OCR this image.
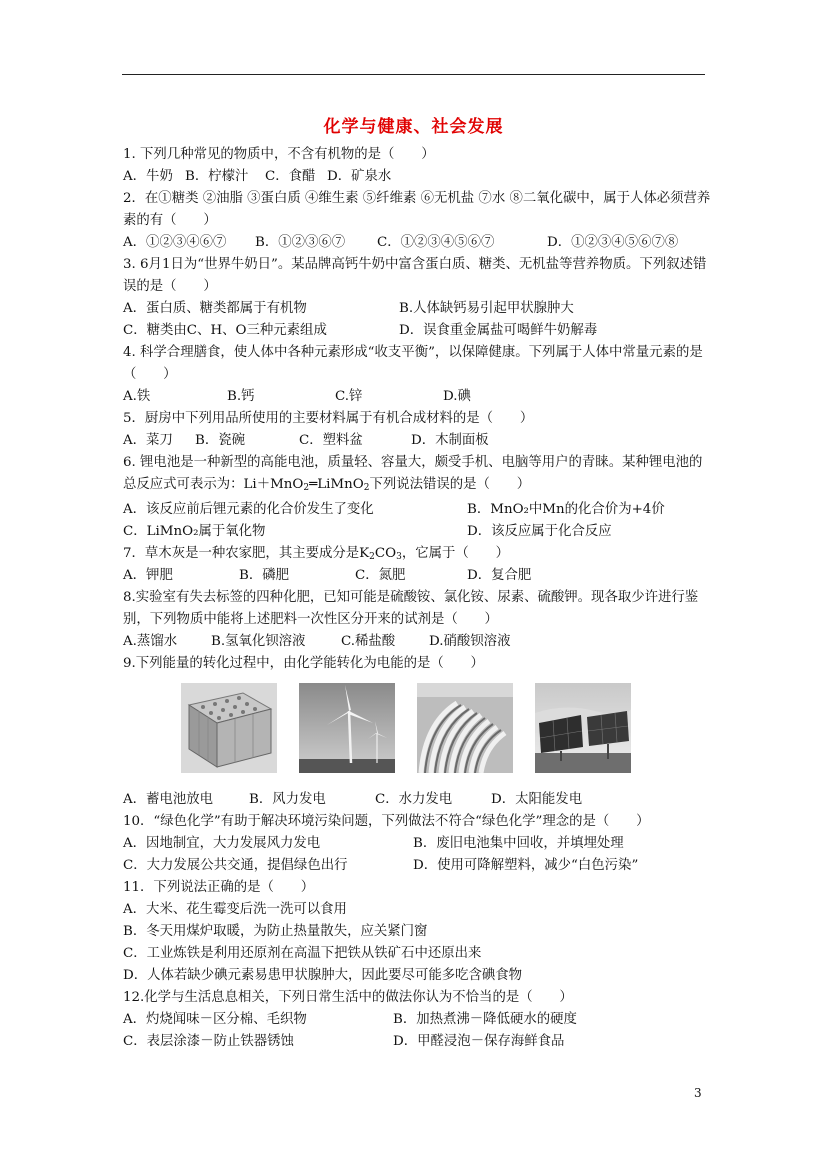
化学与健康、社会发展
1. 下列几种常见的物质中，不含有机物的是（　　）
A．牛奶 B．柠檬汁	C．食醋 D．矿泉水
2．在①糖类 ②油脂 ③蛋白质 ④维生素 ⑤纤维素 ⑥无机盐 ⑦水 ⑧二氧化碳中，属于人体必须营养素的有（　　）
A．①②③④⑥⑦	B．①②③⑥⑦	C．①②③④⑤⑥⑦	D．①②③④⑤⑥⑦⑧
3. 6月1日为“世界牛奶日”。某品牌高钙牛奶中富含蛋白质、糖类、无机盐等营养物质。下列叙述错误的是（　　）
A．蛋白质、糖类都属于有机物	B.人体缺钙易引起甲状腺肿大
C．糖类由C、H、O三种元素组成	D．误食重金属盐可喝鲜牛奶解毒
4. 科学合理膳食，使人体中各种元素形成“收支平衡”，以保障健康。下列属于人体中常量元素的是（　　）
A.铁	B.钙	C.锌	D.碘
5．厨房中下列用品所使用的主要材料属于有机合成材料的是（　　）
A．菜刀	B．瓷碗	C．塑料盆	D．木制面板
6. 锂电池是一种新型的高能电池，质量轻、容量大，颇受手机、电脑等用户的青睐。某种锂电池的总反应式可表示为：Li＋MnO$_2$═LiMnO$_2$下列说法错误的是（　　）
A．该反应前后锂元素的化合价发生了变化	B．MnO₂中Mn的化合价为+4价
C．LiMnO₂属于氧化物	D．该反应属于化合反应
7．草木灰是一种农家肥，其主要成分是$K_2CO_3$，它属于（　　）
A．钾肥	B．磷肥	C．氮肥	D．复合肥
8.实验室有失去标签的四种化肥，已知可能是硫酸铵、氯化铵、尿素、硫酸钾。现各取少许进行鉴别，下列物质中能将上述肥料一次性区分开来的试剂是（　　）
A.蒸馏水	B.氢氧化钡溶液	C.稀盐酸	D.硝酸钡溶液
9.下列能量的转化过程中，由化学能转化为电能的是（　　）
A．蓄电池放电	B．风力发电	C．水力发电	D．太阳能发电
10．“绿色化学”有助于解决环境污染问题，下列做法不符合“绿色化学”理念的是（　　）
A．因地制宜，大力发展风力发电	B．废旧电池集中回收，并填埋处理
C．大力发展公共交通，提倡绿色出行	D．使用可降解塑料，减少“白色污染”
11．下列说法正确的是（　　）
A．大米、花生霉变后洗一洗可以食用
B．冬天用煤炉取暖，为防止热量散失，应关紧门窗
C．工业炼铁是利用还原剂在高温下把铁从铁矿石中还原出来
D．人体若缺少碘元素易患甲状腺肿大，因此要尽可能多吃含碘食物
12.化学与生活息息相关，下列日常生活中的做法你认为不恰当的是（　　）
A．灼烧闻味－区分棉、毛织物	B．加热煮沸－降低硬水的硬度
C．表层涂漆－防止铁器锈蚀	D．甲醛浸泡－保存海鲜食品
3
